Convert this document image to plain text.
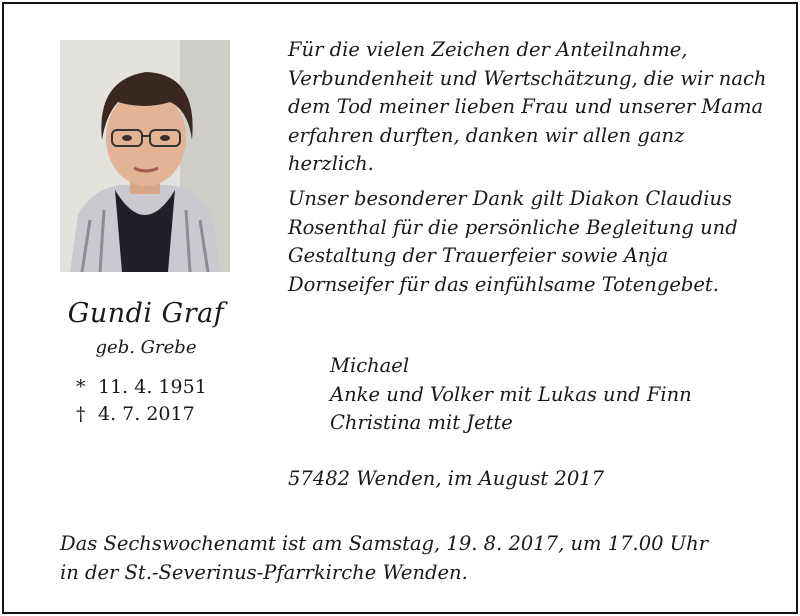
Gundi Graf
geb. Grebe
* 11. 4. 1951
† 4. 7. 2017

Für die vielen Zeichen der Anteilnahme, Verbundenheit und Wertschätzung, die wir nach dem Tod meiner lieben Frau und unserer Mama erfahren durften, danken wir allen ganz herzlich.

Unser besonderer Dank gilt Diakon Claudius Rosenthal für die persönliche Begleitung und Gestaltung der Trauerfeier sowie Anja Dornseifer für das einfühlsame Totengebet.

Michael
Anke und Volker mit Lukas und Finn
Christina mit Jette
57482 Wenden, im August 2017
Das Sechswochenamt ist am Samstag, 19. 8. 2017, um 17.00 Uhr
in der St.-Severinus-Pfarrkirche Wenden.
